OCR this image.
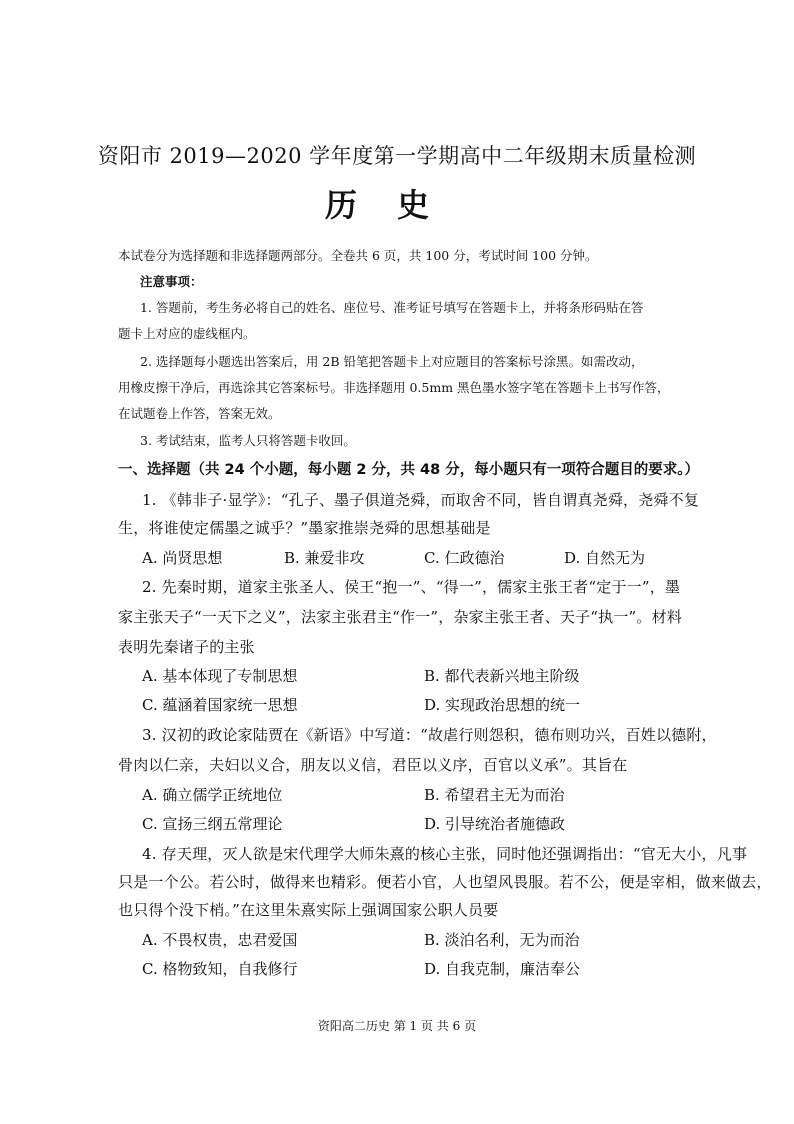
资阳市 2019—2020 学年度第一学期高中二年级期末质量检测
历史
本试卷分为选择题和非选择题两部分。全卷共 6 页，共 100 分，考试时间 100 分钟。
注意事项：
1. 答题前，考生务必将自己的姓名、座位号、准考证号填写在答题卡上，并将条形码贴在答
题卡上对应的虚线框内。
2. 选择题每小题选出答案后，用 2B 铅笔把答题卡上对应题目的答案标号涂黑。如需改动，
用橡皮擦干净后，再选涂其它答案标号。非选择题用 0.5mm 黑色墨水签字笔在答题卡上书写作答，
在试题卷上作答，答案无效。
3. 考试结束，监考人只将答题卡收回。
一、选择题（共 24 个小题，每小题 2 分，共 48 分，每小题只有一项符合题目的要求。）
1. 《韩非子·显学》：“孔子、墨子俱道尧舜，而取舍不同，皆自谓真尧舜，尧舜不复
生，将谁使定儒墨之诚乎？”墨家推崇尧舜的思想基础是
A. 尚贤思想	B. 兼爱非攻	C. 仁政德治	D. 自然无为
2. 先秦时期，道家主张圣人、侯王“抱一”、“得一”，儒家主张王者“定于一”，墨
家主张天子“一天下之义”，法家主张君主“作一”，杂家主张王者、天子“执一”。材料
表明先秦诸子的主张
A. 基本体现了专制思想	B. 都代表新兴地主阶级
C. 蕴涵着国家统一思想	D. 实现政治思想的统一
3. 汉初的政论家陆贾在《新语》中写道：“故虐行则怨积，德布则功兴，百姓以德附，
骨肉以仁亲，夫妇以义合，朋友以义信，君臣以义序，百官以义承”。其旨在
A. 确立儒学正统地位	B. 希望君主无为而治
C. 宣扬三纲五常理论	D. 引导统治者施德政
4. 存天理，灭人欲是宋代理学大师朱熹的核心主张，同时他还强调指出：“官无大小，凡事
只是一个公。若公时，做得来也精彩。便若小官，人也望风畏服。若不公，便是宰相，做来做去，
也只得个没下梢。”在这里朱熹实际上强调国家公职人员要
A. 不畏权贵，忠君爱国	B. 淡泊名利，无为而治
C. 格物致知，自我修行	D. 自我克制，廉洁奉公
资阳高二历史 第 1 页 共 6 页
